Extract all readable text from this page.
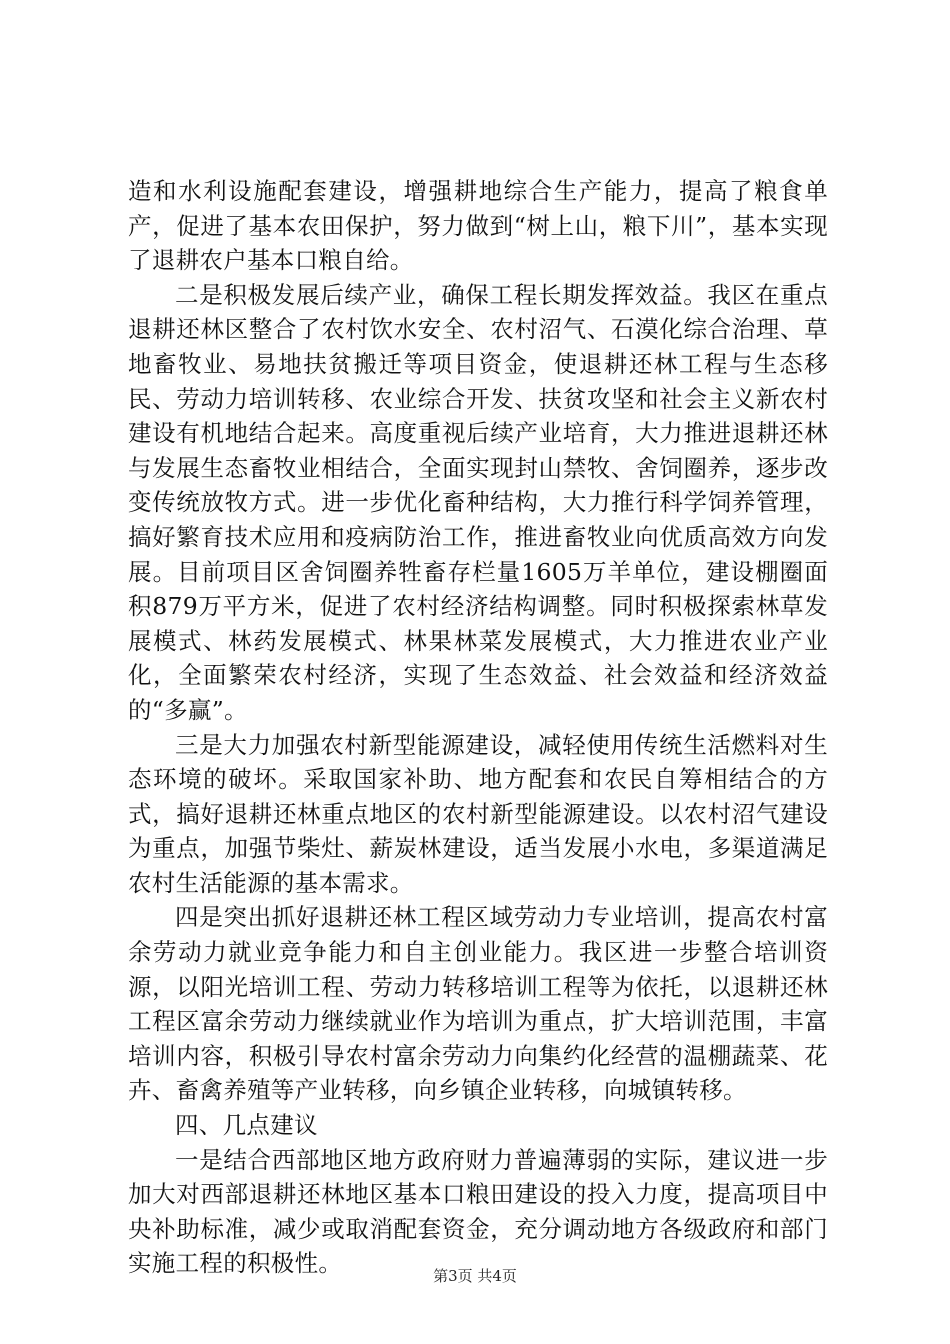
造和水利设施配套建设，增强耕地综合生产能力，提高了粮食单产，促进了基本农田保护，努力做到“树上山，粮下川”，基本实现了退耕农户基本口粮自给。

二是积极发展后续产业，确保工程长期发挥效益。我区在重点退耕还林区整合了农村饮水安全、农村沼气、石漠化综合治理、草地畜牧业、易地扶贫搬迁等项目资金，使退耕还林工程与生态移民、劳动力培训转移、农业综合开发、扶贫攻坚和社会主义新农村建设有机地结合起来。高度重视后续产业培育，大力推进退耕还林与发展生态畜牧业相结合，全面实现封山禁牧、舍饲圈养，逐步改变传统放牧方式。进一步优化畜种结构，大力推行科学饲养管理，搞好繁育技术应用和疫病防治工作，推进畜牧业向优质高效方向发展。目前项目区舍饲圈养牲畜存栏量1605万羊单位，建设棚圈面积879万平方米，促进了农村经济结构调整。同时积极探索林草发展模式、林药发展模式、林果林菜发展模式，大力推进农业产业化，全面繁荣农村经济，实现了生态效益、社会效益和经济效益的“多赢”。

三是大力加强农村新型能源建设，减轻使用传统生活燃料对生态环境的破坏。采取国家补助、地方配套和农民自筹相结合的方式，搞好退耕还林重点地区的农村新型能源建设。以农村沼气建设为重点，加强节柴灶、薪炭林建设，适当发展小水电，多渠道满足农村生活能源的基本需求。

四是突出抓好退耕还林工程区域劳动力专业培训，提高农村富余劳动力就业竞争能力和自主创业能力。我区进一步整合培训资源，以阳光培训工程、劳动力转移培训工程等为依托，以退耕还林工程区富余劳动力继续就业作为培训为重点，扩大培训范围，丰富培训内容，积极引导农村富余劳动力向集约化经营的温棚蔬菜、花卉、畜禽养殖等产业转移，向乡镇企业转移，向城镇转移。

四、几点建议

一是结合西部地区地方政府财力普遍薄弱的实际，建议进一步加大对西部退耕还林地区基本口粮田建设的投入力度，提高项目中央补助标准，减少或取消配套资金，充分调动地方各级政府和部门实施工程的积极性。	第3页 共4页
